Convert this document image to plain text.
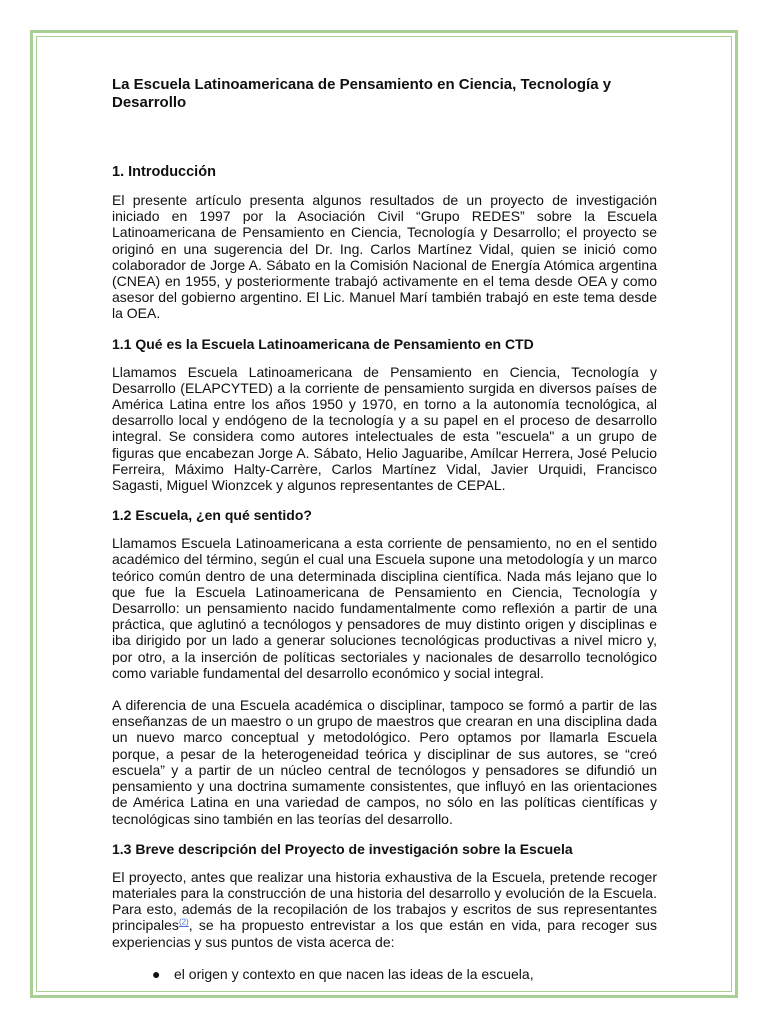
La Escuela Latinoamericana de Pensamiento en Ciencia, Tecnología y Desarrollo
1. Introducción

El presente artículo presenta algunos resultados de un proyecto de investigación iniciado en 1997 por la Asociación Civil “Grupo REDES” sobre la Escuela Latinoamericana de Pensamiento en Ciencia, Tecnología y Desarrollo; el proyecto se originó en una sugerencia del Dr. Ing. Carlos Martínez Vidal, quien se inició como colaborador de Jorge A. Sábato en la Comisión Nacional de Energía Atómica argentina (CNEA) en 1955, y posteriormente trabajó activamente en el tema desde OEA y como asesor del gobierno argentino. El Lic. Manuel Marí también trabajó en este tema desde la OEA.

1.1 Qué es la Escuela Latinoamericana de Pensamiento en CTD

Llamamos Escuela Latinoamericana de Pensamiento en Ciencia, Tecnología y Desarrollo (ELAPCYTED) a la corriente de pensamiento surgida en diversos países de América Latina entre los años 1950 y 1970, en torno a la autonomía tecnológica, al desarrollo local y endógeno de la tecnología y a su papel en el proceso de desarrollo integral. Se considera como autores intelectuales de esta "escuela" a un grupo de figuras que encabezan Jorge A. Sábato, Helio Jaguaribe, Amílcar Herrera, José Pelucio Ferreira, Máximo Halty-Carrère, Carlos Martínez Vidal, Javier Urquidi, Francisco Sagasti, Miguel Wionzcek y algunos representantes de CEPAL.

1.2 Escuela, ¿en qué sentido?

Llamamos Escuela Latinoamericana a esta corriente de pensamiento, no en el sentido académico del término, según el cual una Escuela supone una metodología y un marco teórico común dentro de una determinada disciplina científica. Nada más lejano que lo que fue la Escuela Latinoamericana de Pensamiento en Ciencia, Tecnología y Desarrollo: un pensamiento nacido fundamentalmente como reflexión a partir de una práctica, que aglutinó a tecnólogos y pensadores de muy distinto origen y disciplinas e iba dirigido por un lado a generar soluciones tecnológicas productivas a nivel micro y, por otro, a la inserción de políticas sectoriales y nacionales de desarrollo tecnológico como variable fundamental del desarrollo económico y social integral.

A diferencia de una Escuela académica o disciplinar, tampoco se formó a partir de las enseñanzas de un maestro o un grupo de maestros que crearan en una disciplina dada un nuevo marco conceptual y metodológico. Pero optamos por llamarla Escuela porque, a pesar de la heterogeneidad teórica y disciplinar de sus autores, se “creó escuela” y a partir de un núcleo central de tecnólogos y pensadores se difundió un pensamiento y una doctrina sumamente consistentes, que influyó en las orientaciones de América Latina en una variedad de campos, no sólo en las políticas científicas y tecnológicas sino también en las teorías del desarrollo.

1.3 Breve descripción del Proyecto de investigación sobre la Escuela

El proyecto, antes que realizar una historia exhaustiva de la Escuela, pretende recoger materiales para la construcción de una historia del desarrollo y evolución de la Escuela. Para esto, además de la recopilación de los trabajos y escritos de sus representantes principales$^{(2)}$, se ha propuesto entrevistar a los que están en vida, para recoger sus experiencias y sus puntos de vista acerca de:

● el origen y contexto en que nacen las ideas de la escuela,
